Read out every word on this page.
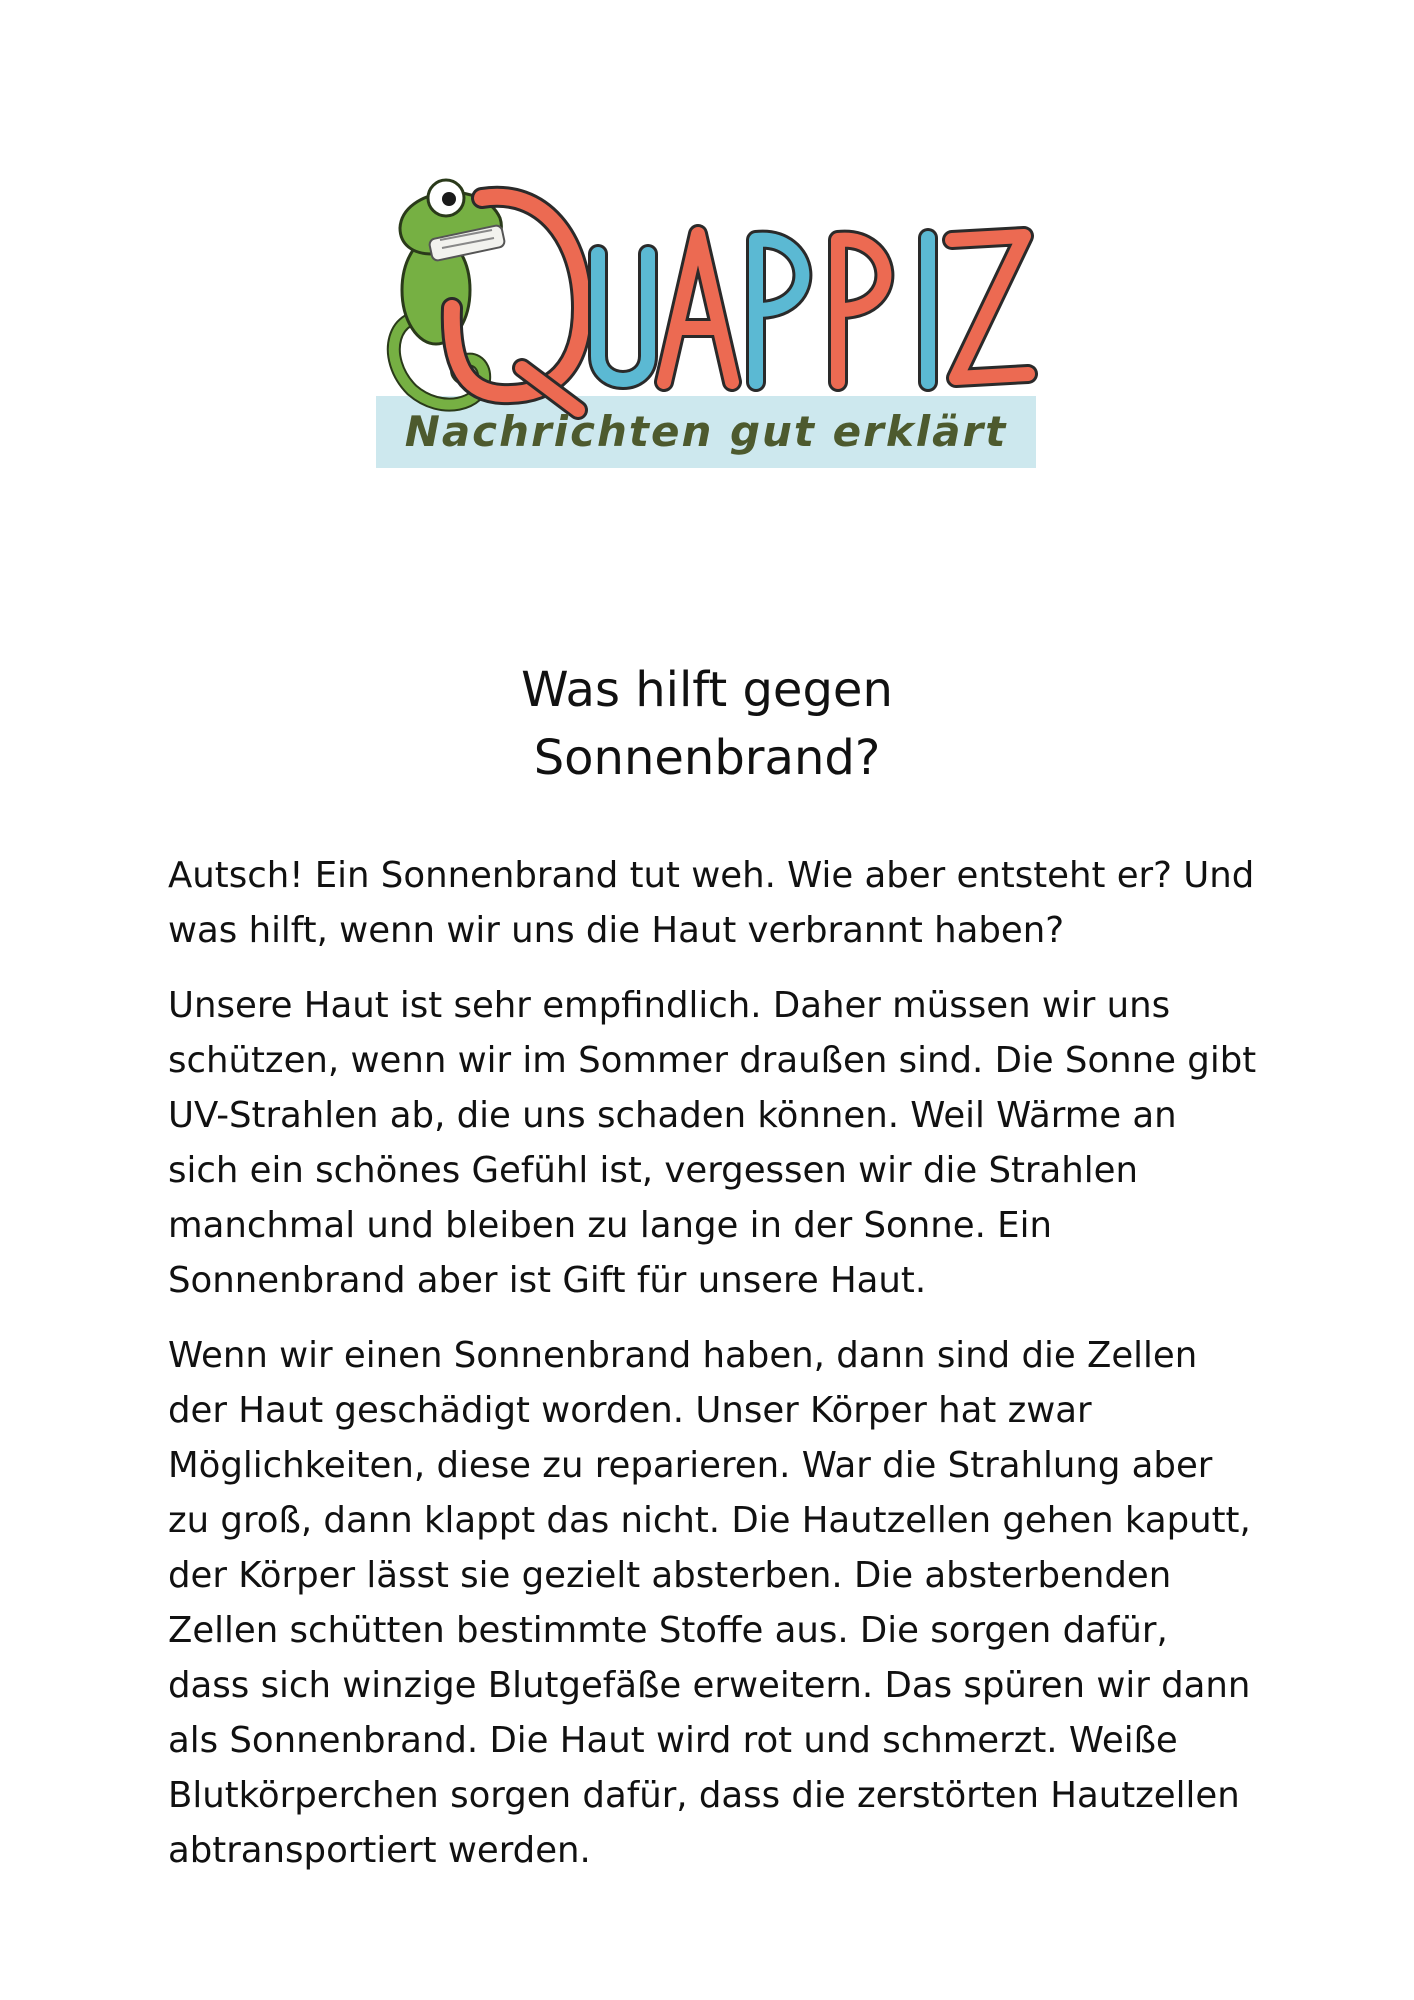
Nachrichten gut erklärt
Was hilft gegen
Sonnenbrand?

Autsch! Ein Sonnenbrand tut weh. Wie aber entsteht er? Und was hilft, wenn wir uns die Haut verbrannt haben?

Unsere Haut ist sehr empfindlich. Daher müssen wir uns schützen, wenn wir im Sommer draußen sind. Die Sonne gibt UV-Strahlen ab, die uns schaden können. Weil Wärme an sich ein schönes Gefühl ist, vergessen wir die Strahlen manchmal und bleiben zu lange in der Sonne. Ein Sonnenbrand aber ist Gift für unsere Haut.

Wenn wir einen Sonnenbrand haben, dann sind die Zellen der Haut geschädigt worden. Unser Körper hat zwar Möglichkeiten, diese zu reparieren. War die Strahlung aber zu groß, dann klappt das nicht. Die Hautzellen gehen kaputt, der Körper lässt sie gezielt absterben. Die absterbenden Zellen schütten bestimmte Stoffe aus. Die sorgen dafür, dass sich winzige Blutgefäße erweitern. Das spüren wir dann als Sonnenbrand. Die Haut wird rot und schmerzt. Weiße Blutkörperchen sorgen dafür, dass die zerstörten Hautzellen abtransportiert werden.
